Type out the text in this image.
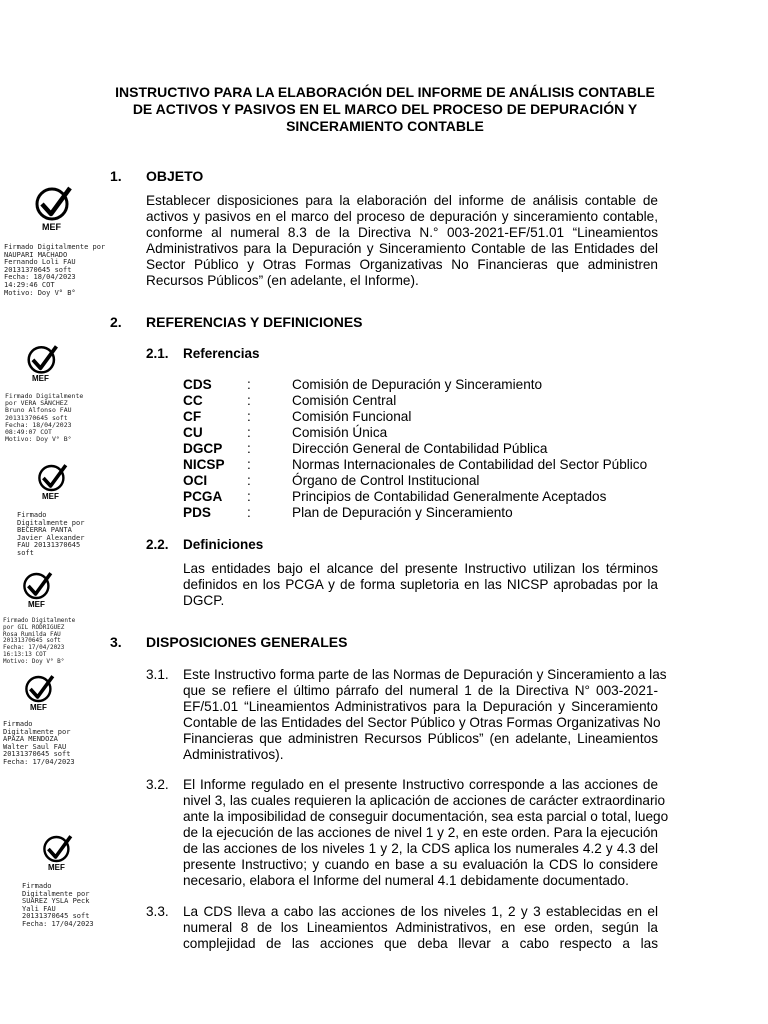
INSTRUCTIVO PARA LA ELABORACIÓN DEL INFORME DE ANÁLISIS CONTABLE
DE ACTIVOS Y PASIVOS EN EL MARCO DEL PROCESO DE DEPURACIÓN Y
SINCERAMIENTO CONTABLE
1. OBJETO
Establecer disposiciones para la elaboración del informe de análisis contable de
activos y pasivos en el marco del proceso de depuración y sinceramiento contable,
conforme al numeral 8.3 de la Directiva N.° 003-2021-EF/51.01 “Lineamientos
Administrativos para la Depuración y Sinceramiento Contable de las Entidades del
Sector Público y Otras Formas Organizativas No Financieras que administren
Recursos Públicos” (en adelante, el Informe).
2. REFERENCIAS Y DEFINICIONES
2.1. Referencias
CDS	:	Comisión de Depuración y Sinceramiento
CC	:	Comisión Central
CF	:	Comisión Funcional
CU	:	Comisión Única
DGCP :	Dirección General de Contabilidad Pública
NICSP :	Normas Internacionales de Contabilidad del Sector Público
OCI	:	Órgano de Control Institucional
PCGA :	Principios de Contabilidad Generalmente Aceptados
PDS	:	Plan de Depuración y Sinceramiento
2.2. Definiciones
Las entidades bajo el alcance del presente Instructivo utilizan los términos
definidos en los PCGA y de forma supletoria en las NICSP aprobadas por la
DGCP.
3. DISPOSICIONES GENERALES
3.1. Este Instructivo forma parte de las Normas de Depuración y Sinceramiento a las
que se refiere el último párrafo del numeral 1 de la Directiva N° 003-2021-
EF/51.01 “Lineamientos Administrativos para la Depuración y Sinceramiento
Contable de las Entidades del Sector Público y Otras Formas Organizativas No
Financieras que administren Recursos Públicos” (en adelante, Lineamientos
Administrativos).
3.2. El Informe regulado en el presente Instructivo corresponde a las acciones de
nivel 3, las cuales requieren la aplicación de acciones de carácter extraordinario
ante la imposibilidad de conseguir documentación, sea esta parcial o total, luego
de la ejecución de las acciones de nivel 1 y 2, en este orden. Para la ejecución
de las acciones de los niveles 1 y 2, la CDS aplica los numerales 4.2 y 4.3 del
presente Instructivo; y cuando en base a su evaluación la CDS lo considere
necesario, elabora el Informe del numeral 4.1 debidamente documentado.
3.3. La CDS lleva a cabo las acciones de los niveles 1, 2 y 3 establecidas en el
numeral 8 de los Lineamientos Administrativos, en ese orden, según la
complejidad de las acciones que deba llevar a cabo respecto a las
MEF
Firmado Digitalmente por
NAUPARI MACHADO
Fernando Loli FAU
20131370645 soft
Fecha: 18/04/2023
14:29:46 COT
Motivo: Doy V° B°
MEF
Firmado Digitalmente
por VERA SANCHEZ
Bruno Alfonso FAU
20131370645 soft
Fecha: 18/04/2023
08:49:07 COT
Motivo: Doy V° B°
MEF
Firmado
Digitalmente por
BECERRA PANTA
Javier Alexander
FAU 20131370645
soft
MEF
Firmado Digitalmente
por GIL RODRIGUEZ
Rosa Rumilda FAU
20131370645 soft
Fecha: 17/04/2023
16:13:13 COT
Motivo: Doy V° B°
MEF
Firmado
Digitalmente por
APAZA MENDOZA
Walter Saul FAU
20131370645 soft
Fecha: 17/04/2023
MEF
Firmado
Digitalmente por
SUAREZ YSLA Peck
Yali FAU
20131370645 soft
Fecha: 17/04/2023
